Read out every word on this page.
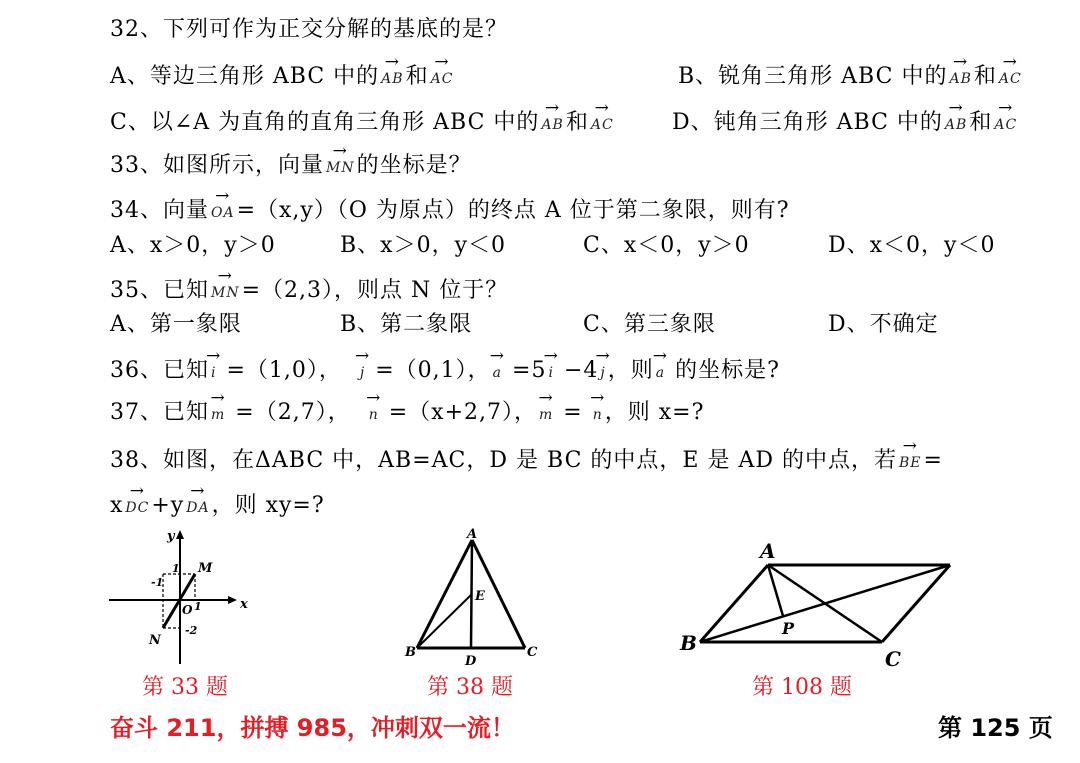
32、下列可作为正交分解的基底的是？
A、等边三角形 ABC 中的 → AB和 → AC	B、锐角三角形 ABC 中的 → AB和 → AC
C、以∠A 为直角的直角三角形 ABC 中的 → AB和 → AC	D、钝角三角形 ABC 中的 → AB和 → AC
33、如图所示，向量 → MN的坐标是？
34、向量 → OA=（x,y）（O 为原点）的终点 A 位于第二象限，则有?
A、x＞0，y＞0	B、x＞0，y＜0	C、x＜0，y＞0	D、x＜0，y＜0
35、已知 → MN=（2,3），则点 N 位于？
A、第一象限	B、第二象限	C、第三象限	D、不确定
36、已知 → i =（1,0）， → j =（0,1）， → a =5 → i −4 → j，则 → a 的坐标是?
37、已知 → m =（2,7）， → n =（x+2,7）， → m = → n，则 x=?
38、如图，在ΔABC 中，AB=AC，D 是 BC 的中点，E 是 AD 的中点，若 → BE=
x → DC+y → DA，则 xy=?
y
x
M
1
-1
O 1
-2
N
A
E
B	C
D
A
B
C
P
第 33 题	第 38 题	第 108 题
奋斗 211，拼搏 985，冲刺双一流！	第 125 页
